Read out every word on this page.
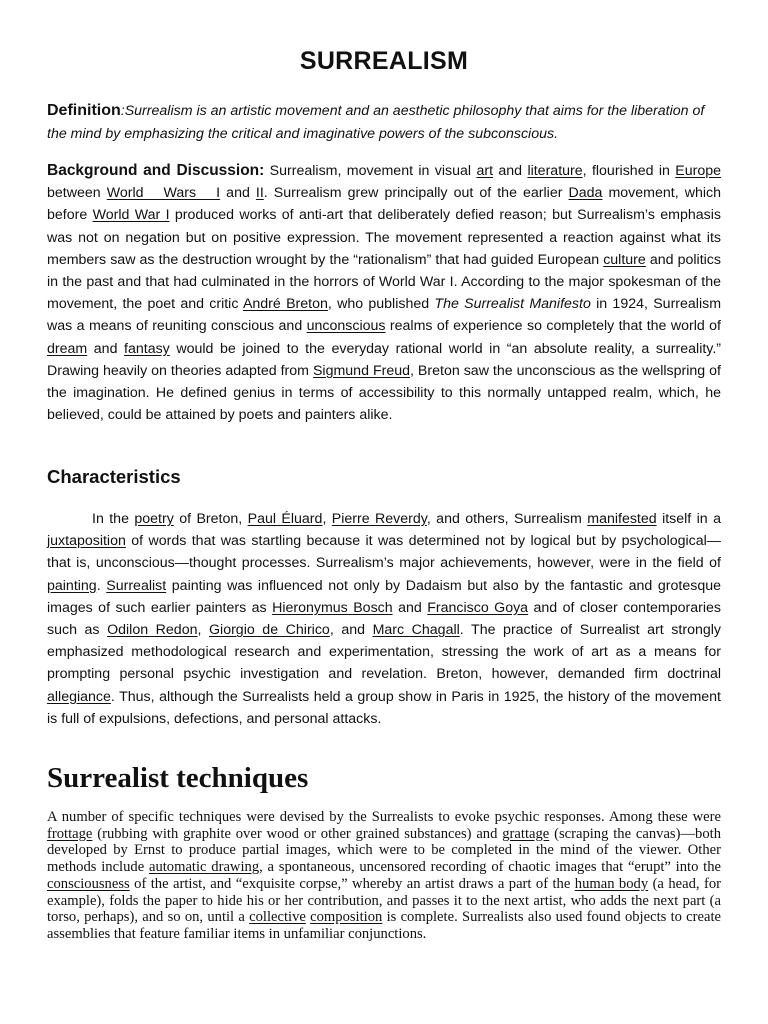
SURREALISM

Definition:Surrealism is an artistic movement and an aesthetic philosophy that aims for the liberation of the mind by emphasizing the critical and imaginative powers of the subconscious.

Background and Discussion: Surrealism, movement in visual art and literature, flourished in Europe between World Wars I and II. Surrealism grew principally out of the earlier Dada movement, which before World War I produced works of anti-art that deliberately defied reason; but Surrealism’s emphasis was not on negation but on positive expression. The movement represented a reaction against what its members saw as the destruction wrought by the “rationalism” that had guided European culture and politics in the past and that had culminated in the horrors of World War I. According to the major spokesman of the movement, the poet and critic André Breton, who published The Surrealist Manifesto in 1924, Surrealism was a means of reuniting conscious and unconscious realms of experience so completely that the world of dream and fantasy would be joined to the everyday rational world in “an absolute reality, a surreality.” Drawing heavily on theories adapted from Sigmund Freud, Breton saw the unconscious as the wellspring of the imagination. He defined genius in terms of accessibility to this normally untapped realm, which, he believed, could be attained by poets and painters alike.

Characteristics

In the poetry of Breton, Paul Éluard, Pierre Reverdy, and others, Surrealism manifested itself in a juxtaposition of words that was startling because it was determined not by logical but by psychological—that is, unconscious—thought processes. Surrealism’s major achievements, however, were in the field of painting. Surrealist painting was influenced not only by Dadaism but also by the fantastic and grotesque images of such earlier painters as Hieronymus Bosch and Francisco Goya and of closer contemporaries such as Odilon Redon, Giorgio de Chirico, and Marc Chagall. The practice of Surrealist art strongly emphasized methodological research and experimentation, stressing the work of art as a means for prompting personal psychic investigation and revelation. Breton, however, demanded firm doctrinal allegiance. Thus, although the Surrealists held a group show in Paris in 1925, the history of the movement is full of expulsions, defections, and personal attacks.

Surrealist techniques

A number of specific techniques were devised by the Surrealists to evoke psychic responses. Among these were frottage (rubbing with graphite over wood or other grained substances) and grattage (scraping the canvas)—both developed by Ernst to produce partial images, which were to be completed in the mind of the viewer. Other methods include automatic drawing, a spontaneous, uncensored recording of chaotic images that “erupt” into the consciousness of the artist, and “exquisite corpse,” whereby an artist draws a part of the human body (a head, for example), folds the paper to hide his or her contribution, and passes it to the next artist, who adds the next part (a torso, perhaps), and so on, until a collective composition is complete. Surrealists also used found objects to create assemblies that feature familiar items in unfamiliar conjunctions.
